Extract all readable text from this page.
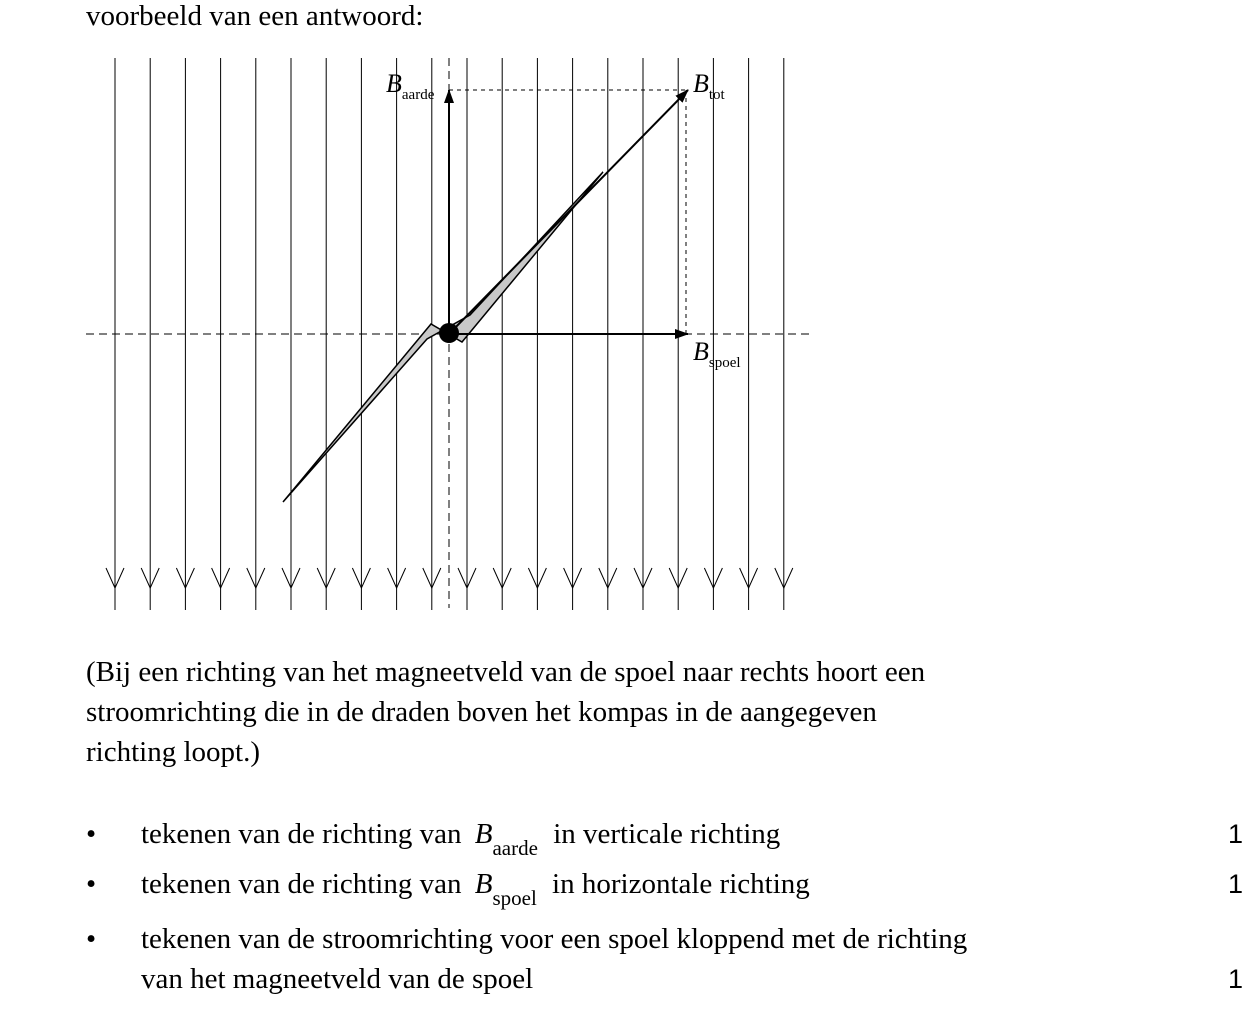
voorbeeld van een antwoord:
Baarde	Btot
Bspoel
(Bij een richting van het magneetveld van de spoel naar rechts hoort een
stroomrichting die in de draden boven het kompas in de aangegeven
richting loopt.)
• tekenen van de richting van $B_{aarde}$ in verticale richting	1
• tekenen van de richting van $B_{spoel}$ in horizontale richting	1
• tekenen van de stroomrichting voor een spoel kloppend met de richting
van het magneetveld van de spoel	1
